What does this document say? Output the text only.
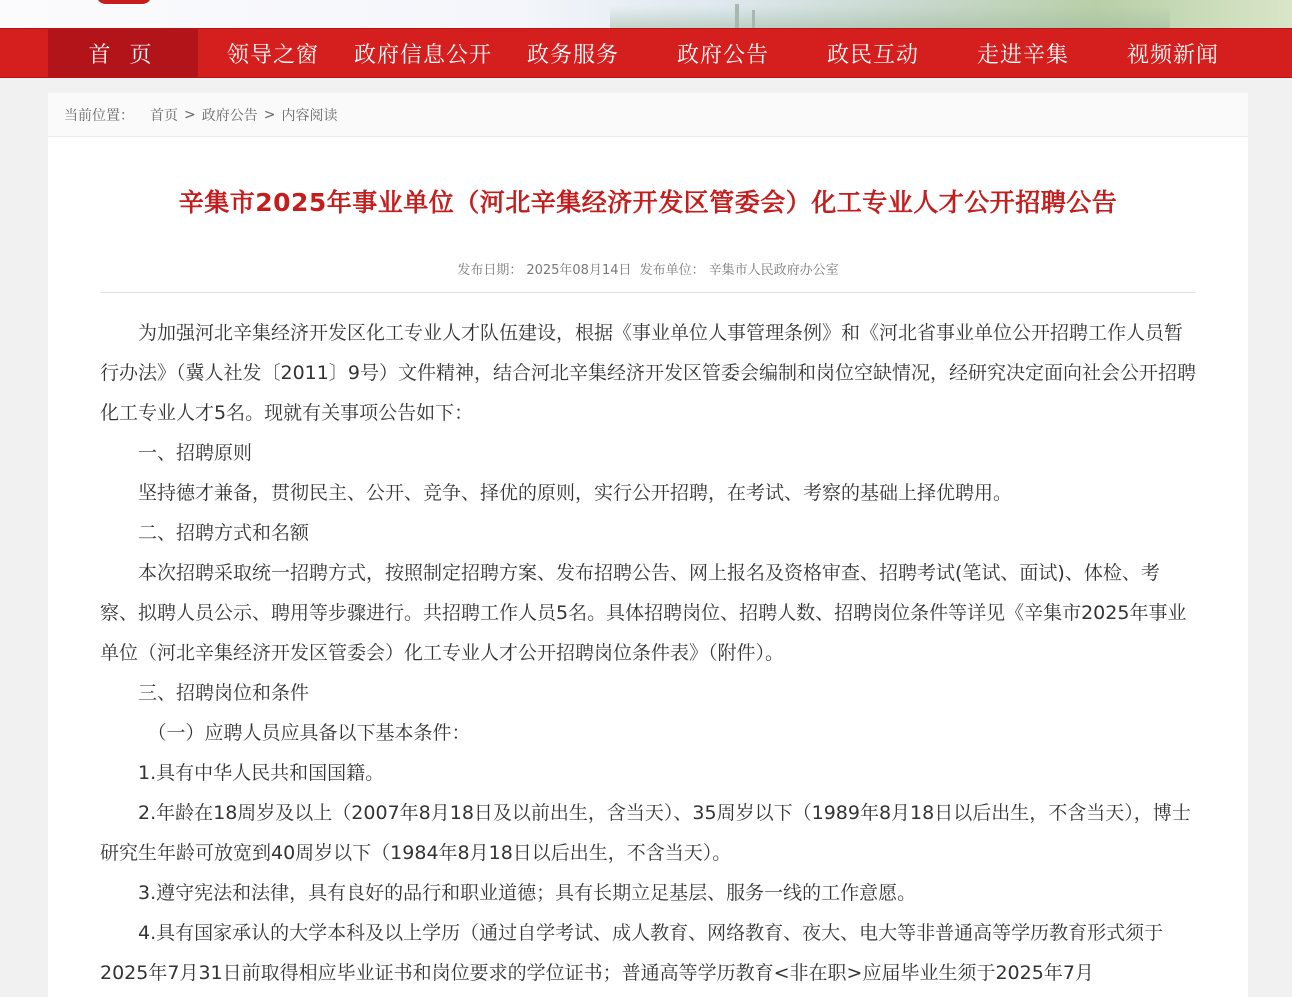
首 页	领导之窗	政府信息公开	政务服务	政府公告	政民互动	走进辛集	视频新闻
当前位置： 首页 > 政府公告 > 内容阅读
辛集市2025年事业单位（河北辛集经济开发区管委会）化工专业人才公开招聘公告
发布日期： 2025年08月14日 发布单位： 辛集市人民政府办公室

为加强河北辛集经济开发区化工专业人才队伍建设，根据《事业单位人事管理条例》和《河北省事业单位公开招聘工作人员暂行办法》（冀人社发〔2011〕9号）文件精神，结合河北辛集经济开发区管委会编制和岗位空缺情况，经研究决定面向社会公开招聘化工专业人才5名。现就有关事项公告如下：

一、招聘原则

坚持德才兼备，贯彻民主、公开、竞争、择优的原则，实行公开招聘，在考试、考察的基础上择优聘用。

二、招聘方式和名额

本次招聘采取统一招聘方式，按照制定招聘方案、发布招聘公告、网上报名及资格审查、招聘考试(笔试、面试)、体检、考察、拟聘人员公示、聘用等步骤进行。共招聘工作人员5名。具体招聘岗位、招聘人数、招聘岗位条件等详见《辛集市2025年事业单位（河北辛集经济开发区管委会）化工专业人才公开招聘岗位条件表》（附件）。

三、招聘岗位和条件

（一）应聘人员应具备以下基本条件：

1.具有中华人民共和国国籍。

2.年龄在18周岁及以上（2007年8月18日及以前出生，含当天）、35周岁以下（1989年8月18日以后出生，不含当天），博士研究生年龄可放宽到40周岁以下（1984年8月18日以后出生，不含当天）。

3.遵守宪法和法律，具有良好的品行和职业道德；具有长期立足基层、服务一线的工作意愿。

4.具有国家承认的大学本科及以上学历（通过自学考试、成人教育、网络教育、夜大、电大等非普通高等学历教育形式须于2025年7月31日前取得相应毕业证书和岗位要求的学位证书；普通高等学历教育<非在职>应届毕业生须于2025年7月
